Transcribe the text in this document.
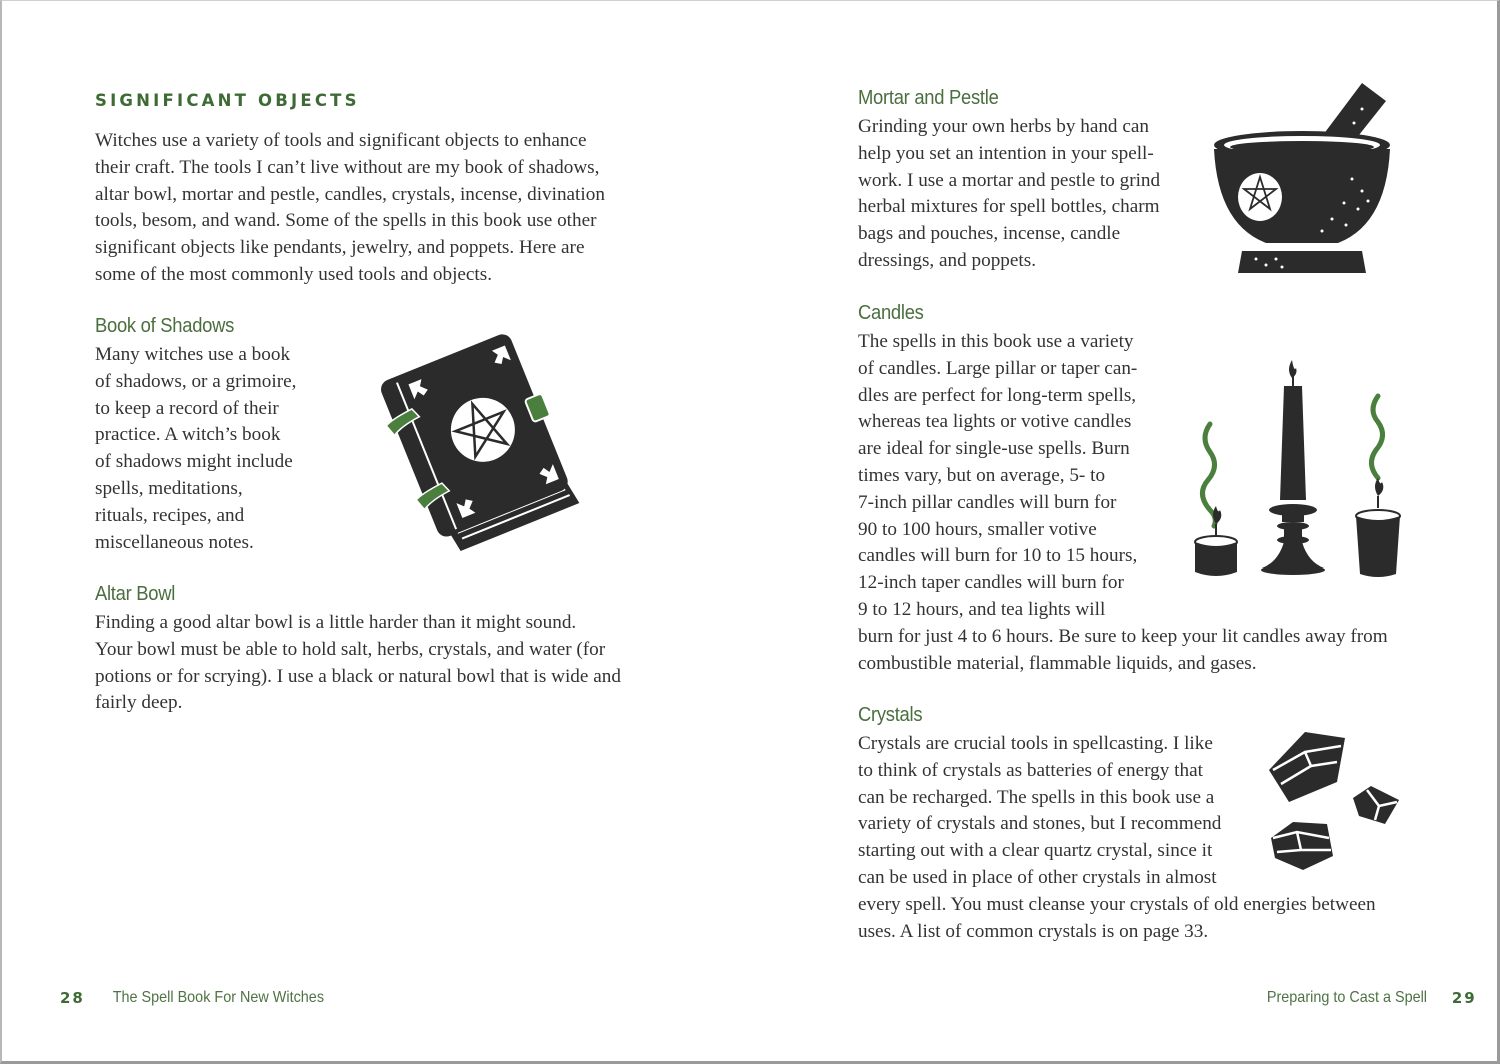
SIGNIFICANT OBJECTS
Witches use a variety of tools and significant objects to enhance
their craft. The tools I can’t live without are my book of shadows,
altar bowl, mortar and pestle, candles, crystals, incense, divination
tools, besom, and wand. Some of the spells in this book use other
significant objects like pendants, jewelry, and poppets. Here are
some of the most commonly used tools and objects.
Book of Shadows
Many witches use a book
of shadows, or a grimoire,
to keep a record of their
practice. A witch’s book
of shadows might include
spells, meditations,
rituals, recipes, and
miscellaneous notes.
Altar Bowl
Finding a good altar bowl is a little harder than it might sound.
Your bowl must be able to hold salt, herbs, crystals, and water (for
potions or for scrying). I use a black or natural bowl that is wide and
fairly deep.
28 The Spell Book For New Witches
Mortar and Pestle
Grinding your own herbs by hand can
help you set an intention in your spell-
work. I use a mortar and pestle to grind
herbal mixtures for spell bottles, charm
bags and pouches, incense, candle
dressings, and poppets.
Candles
The spells in this book use a variety
of candles. Large pillar or taper can-
dles are perfect for long-term spells,
whereas tea lights or votive candles
are ideal for single-use spells. Burn
times vary, but on average, 5- to
7-inch pillar candles will burn for
90 to 100 hours, smaller votive
candles will burn for 10 to 15 hours,
12-inch taper candles will burn for
9 to 12 hours, and tea lights will
burn for just 4 to 6 hours. Be sure to keep your lit candles away from
combustible material, flammable liquids, and gases.
Crystals
Crystals are crucial tools in spellcasting. I like
to think of crystals as batteries of energy that
can be recharged. The spells in this book use a
variety of crystals and stones, but I recommend
starting out with a clear quartz crystal, since it
can be used in place of other crystals in almost
every spell. You must cleanse your crystals of old energies between
uses. A list of common crystals is on page 33.
Preparing to Cast a Spell 29
